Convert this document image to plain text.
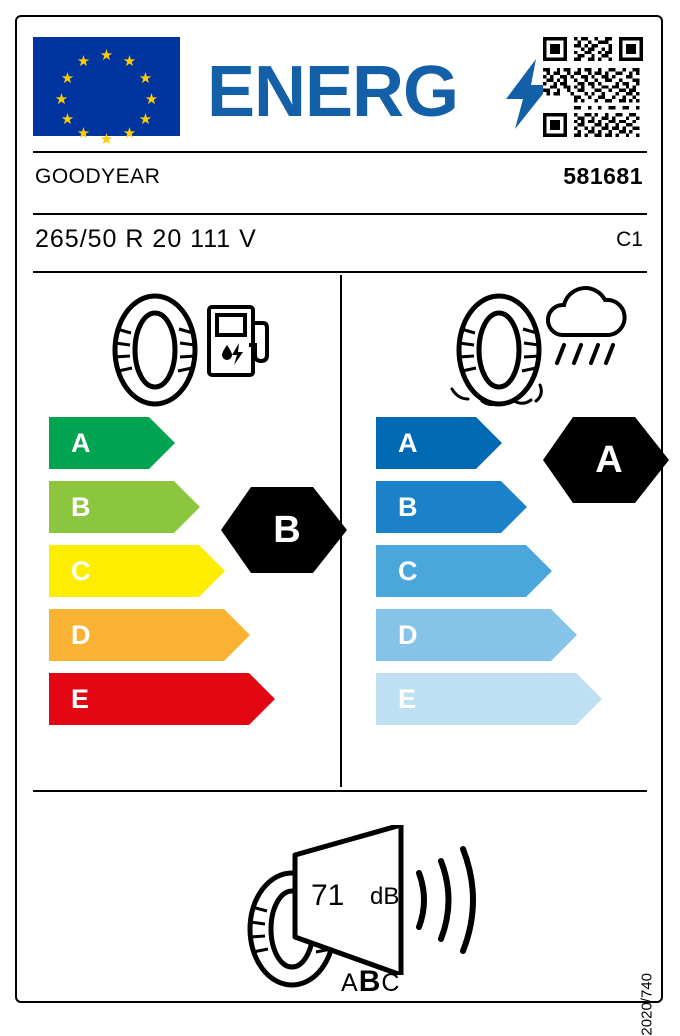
★
★ ★
★	★
★	★
★	★
★ ★
★
ENERG
GOODYEAR	581681
265/50 R 20 111 V	C1
A
B
C
D
E
B
A
B
C
D
E
A
71 dB
ABC	2020/740
